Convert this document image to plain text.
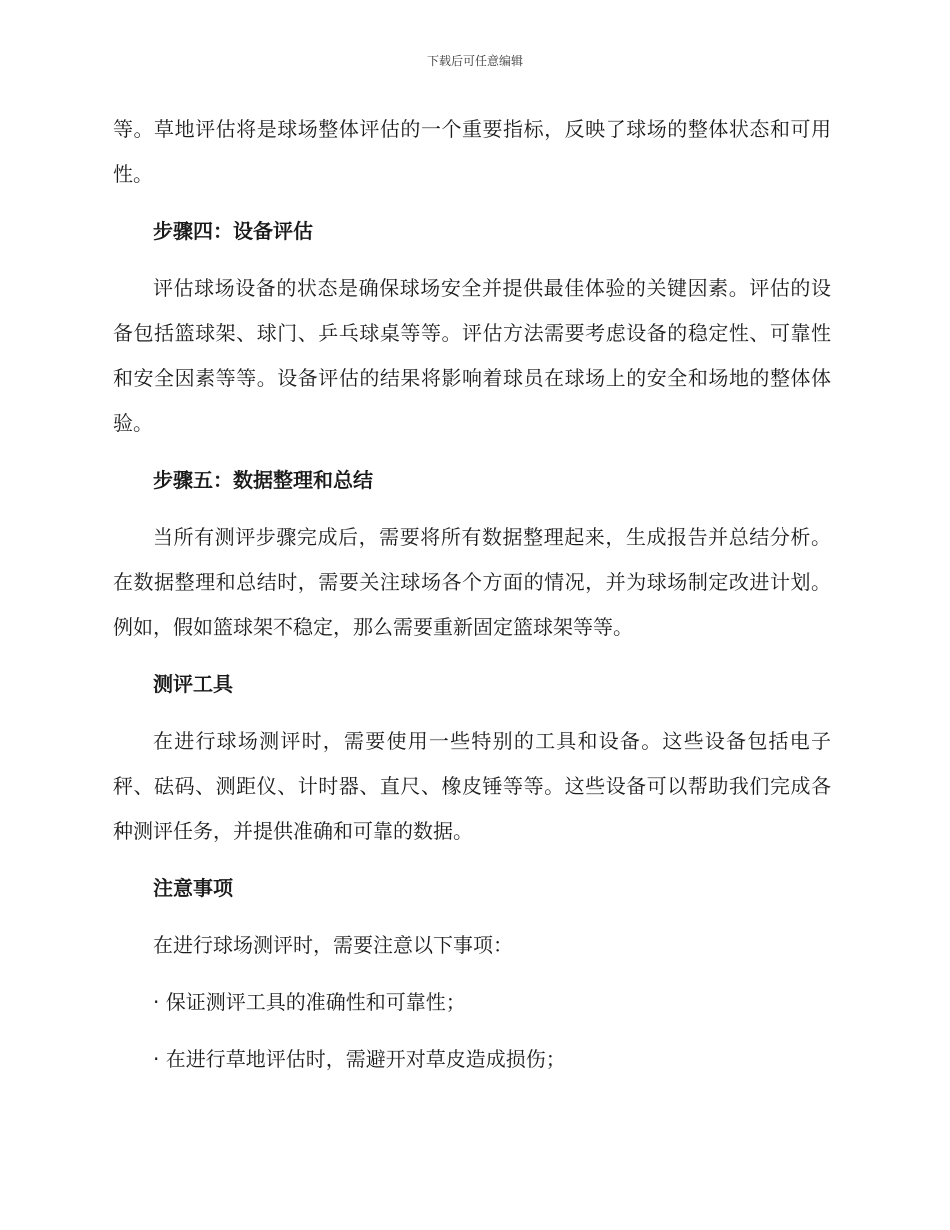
下载后可任意编辑

等。草地评估将是球场整体评估的一个重要指标，反映了球场的整体状态和可用性。

步骤四：设备评估

评估球场设备的状态是确保球场安全并提供最佳体验的关键因素。评估的设备包括篮球架、球门、乒乓球桌等等。评估方法需要考虑设备的稳定性、可靠性和安全因素等等。设备评估的结果将影响着球员在球场上的安全和场地的整体体验。

步骤五：数据整理和总结

当所有测评步骤完成后，需要将所有数据整理起来，生成报告并总结分析。在数据整理和总结时，需要关注球场各个方面的情况，并为球场制定改进计划。例如，假如篮球架不稳定，那么需要重新固定篮球架等等。

测评工具

在进行球场测评时，需要使用一些特别的工具和设备。这些设备包括电子秤、砝码、测距仪、计时器、直尺、橡皮锤等等。这些设备可以帮助我们完成各种测评任务，并提供准确和可靠的数据。

注意事项

在进行球场测评时，需要注意以下事项：

· 保证测评工具的准确性和可靠性；
· 在进行草地评估时，需避开对草皮造成损伤；
